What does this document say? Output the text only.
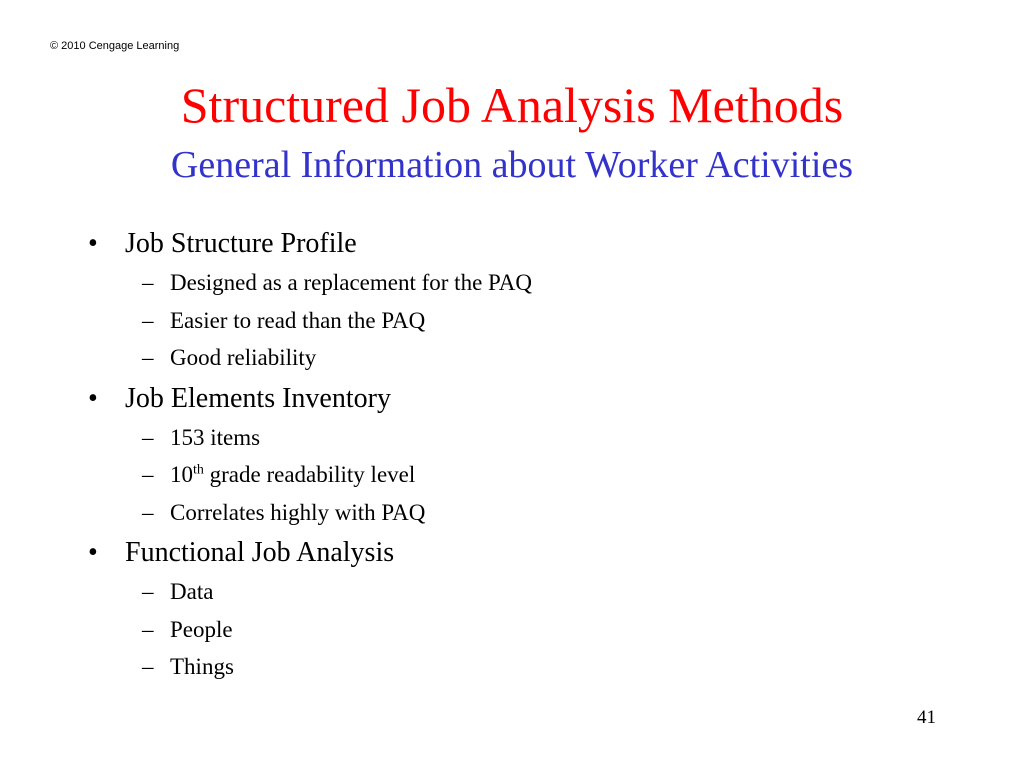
© 2010 Cengage Learning
Structured Job Analysis Methods
General Information about Worker Activities
• Job Structure Profile
– Designed as a replacement for the PAQ
– Easier to read than the PAQ
– Good reliability
• Job Elements Inventory
– 153 items
– 10th grade readability level
– Correlates highly with PAQ
• Functional Job Analysis
– Data
– People
– Things
41
